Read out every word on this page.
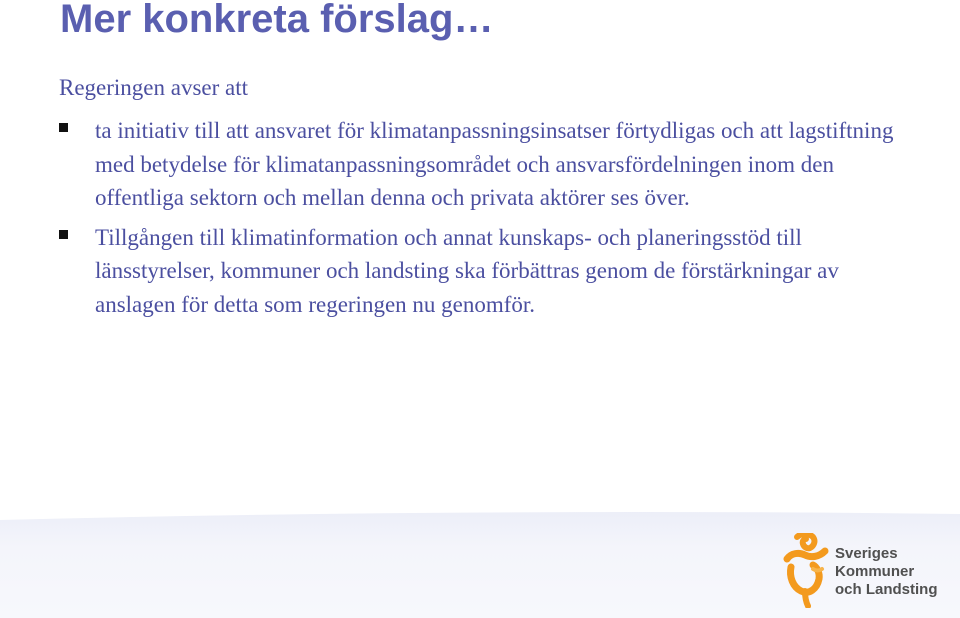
Mer konkreta förslag…
Regeringen avser att
ta initiativ till att ansvaret för klimatanpassningsinsatser förtydligas och att lagstiftning med betydelse för klimatanpassningsområdet och ansvarsfördelningen inom den offentliga sektorn och mellan denna och privata aktörer ses över.
Tillgången till klimatinformation och annat kunskaps- och planeringsstöd till länsstyrelser, kommuner och landsting ska förbättras genom de förstärkningar av anslagen för detta som regeringen nu genomför.
Sveriges
Kommuner
och Landsting
